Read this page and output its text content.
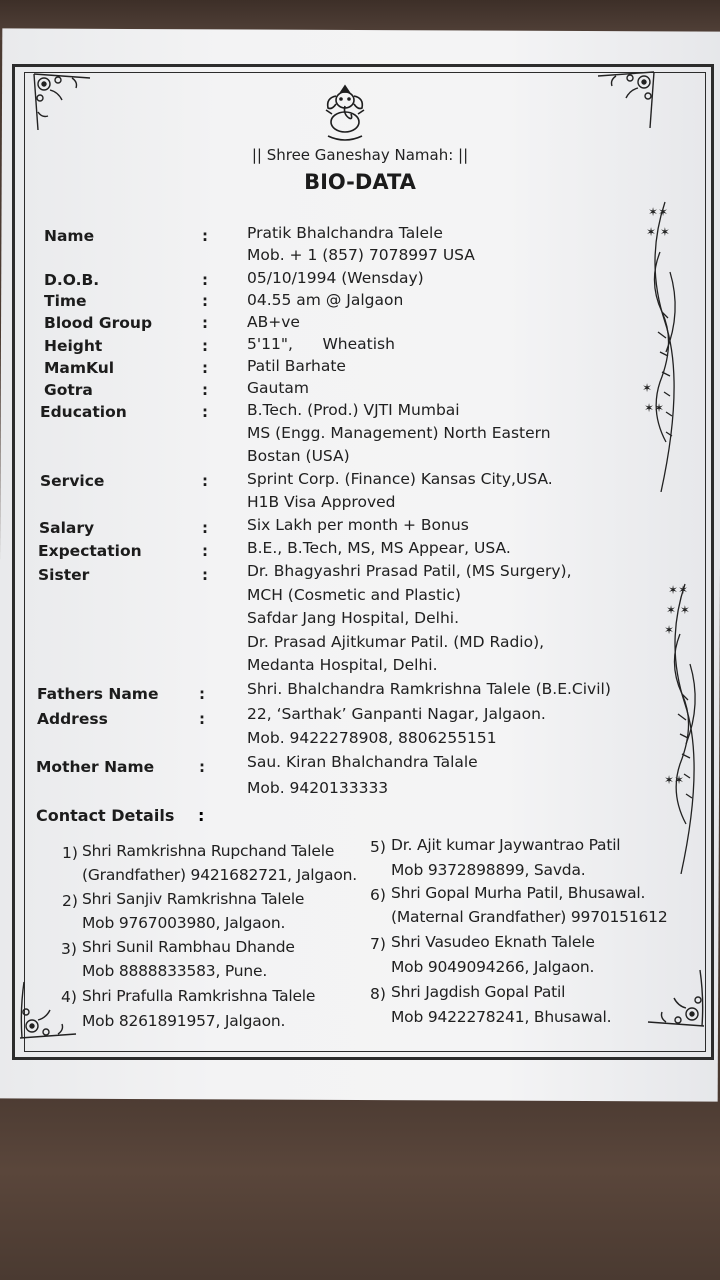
✶✶
✶ ✶
✶
✶✶
✶✶
✶ ✶
✶
✶✶
|| Shree Ganeshay Namah: ||
BIO-DATA
Name	:	Pratik Bhalchandra Talele
Mob. + 1 (857) 7078997 USA
D.O.B.	:	05/10/1994 (Wensday)
Time	:	04.55 am @ Jalgaon
Blood Group	:	AB+ve
Height	:	5'11",      Wheatish
MamKul	:	Patil Barhate
Gotra	:	Gautam
Education	:	B.Tech. (Prod.) VJTI Mumbai
MS (Engg. Management) North Eastern
Bostan (USA)
Service	:	Sprint Corp. (Finance) Kansas City,USA.
H1B Visa Approved
Salary	:	Six Lakh per month + Bonus
Expectation	:	B.E., B.Tech, MS, MS Appear, USA.
Sister	:	Dr. Bhagyashri Prasad Patil, (MS Surgery),
MCH (Cosmetic and Plastic)
Safdar Jang Hospital, Delhi.
Dr. Prasad Ajitkumar Patil. (MD Radio),
Medanta Hospital, Delhi.
Fathers Name	:	Shri. Bhalchandra Ramkrishna Talele (B.E.Civil)
Address	:	22, ‘Sarthak’ Ganpanti Nagar, Jalgaon.
Mob. 9422278908, 8806255151
Mother Name	:	Sau. Kiran Bhalchandra Talale
Mob. 9420133333
Contact Details :
1) Shri Ramkrishna Rupchand Talele
(Grandfather) 9421682721, Jalgaon.
2) Shri Sanjiv Ramkrishna Talele
Mob 9767003980, Jalgaon.
3) Shri Sunil Rambhau Dhande
Mob 8888833583, Pune.
4) Shri Prafulla Ramkrishna Talele
Mob 8261891957, Jalgaon.
5) Dr. Ajit kumar Jaywantrao Patil
Mob 9372898899, Savda.
6) Shri Gopal Murha Patil, Bhusawal.
(Maternal Grandfather) 9970151612
7) Shri Vasudeo Eknath Talele
Mob 9049094266, Jalgaon.
8) Shri Jagdish Gopal Patil
Mob 9422278241, Bhusawal.
